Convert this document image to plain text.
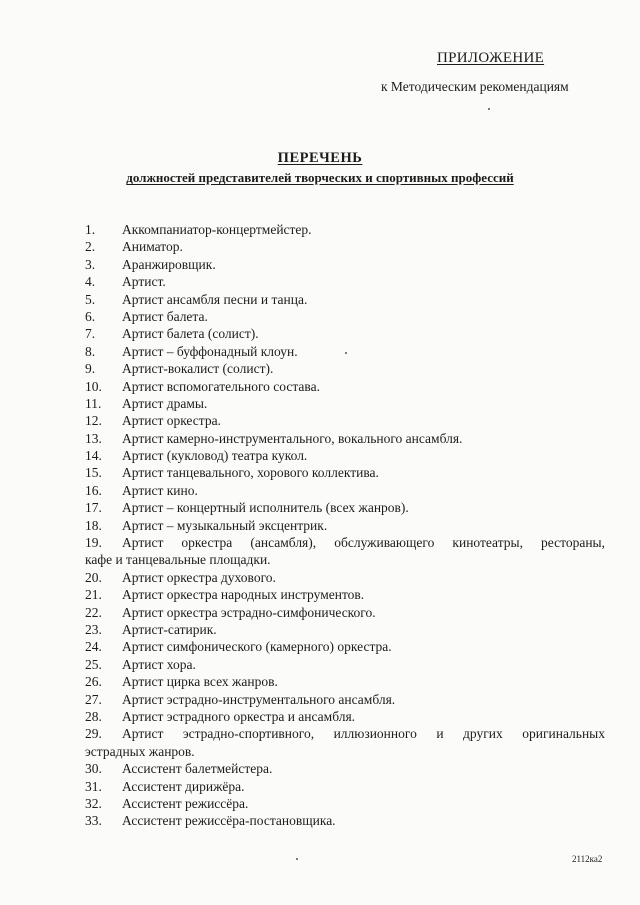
ПРИЛОЖЕНИЕ
к Методическим рекомендациям
ПЕРЕЧЕНЬ
должностей представителей творческих и спортивных профессий
1.	Аккомпаниатор-концертмейстер.
2.	Аниматор.
3.	Аранжировщик.
4.	Артист.
5.	Артист ансамбля песни и танца.
6.	Артист балета.
7.	Артист балета (солист).
8.	Артист – буффонадный клоун.
9.	Артист-вокалист (солист).
10.	Артист вспомогательного состава.
11.	Артист драмы.
12.	Артист оркестра.
13.	Артист камерно-инструментального, вокального ансамбля.
14.	Артист (кукловод) театра кукол.
15.	Артист танцевального, хорового коллектива.
16.	Артист кино.
17.	Артист – концертный исполнитель (всех жанров).
18.	Артист – музыкальный эксцентрик.
19.	Артист оркестра (ансамбля), обслуживающего кинотеатры, рестораны,
кафе и танцевальные площадки.
20.	Артист оркестра духового.
21.	Артист оркестра народных инструментов.
22.	Артист оркестра эстрадно-симфонического.
23.	Артист-сатирик.
24.	Артист симфонического (камерного) оркестра.
25.	Артист хора.
26.	Артист цирка всех жанров.
27.	Артист эстрадно-инструментального ансамбля.
28.	Артист эстрадного оркестра и ансамбля.
29.	Артист эстрадно-спортивного, иллюзионного и других оригинальных
эстрадных жанров.
30.	Ассистент балетмейстера.
31.	Ассистент дирижёра.
32.	Ассистент режиссёра.
33.	Ассистент режиссёра-постановщика.
2112ка2
